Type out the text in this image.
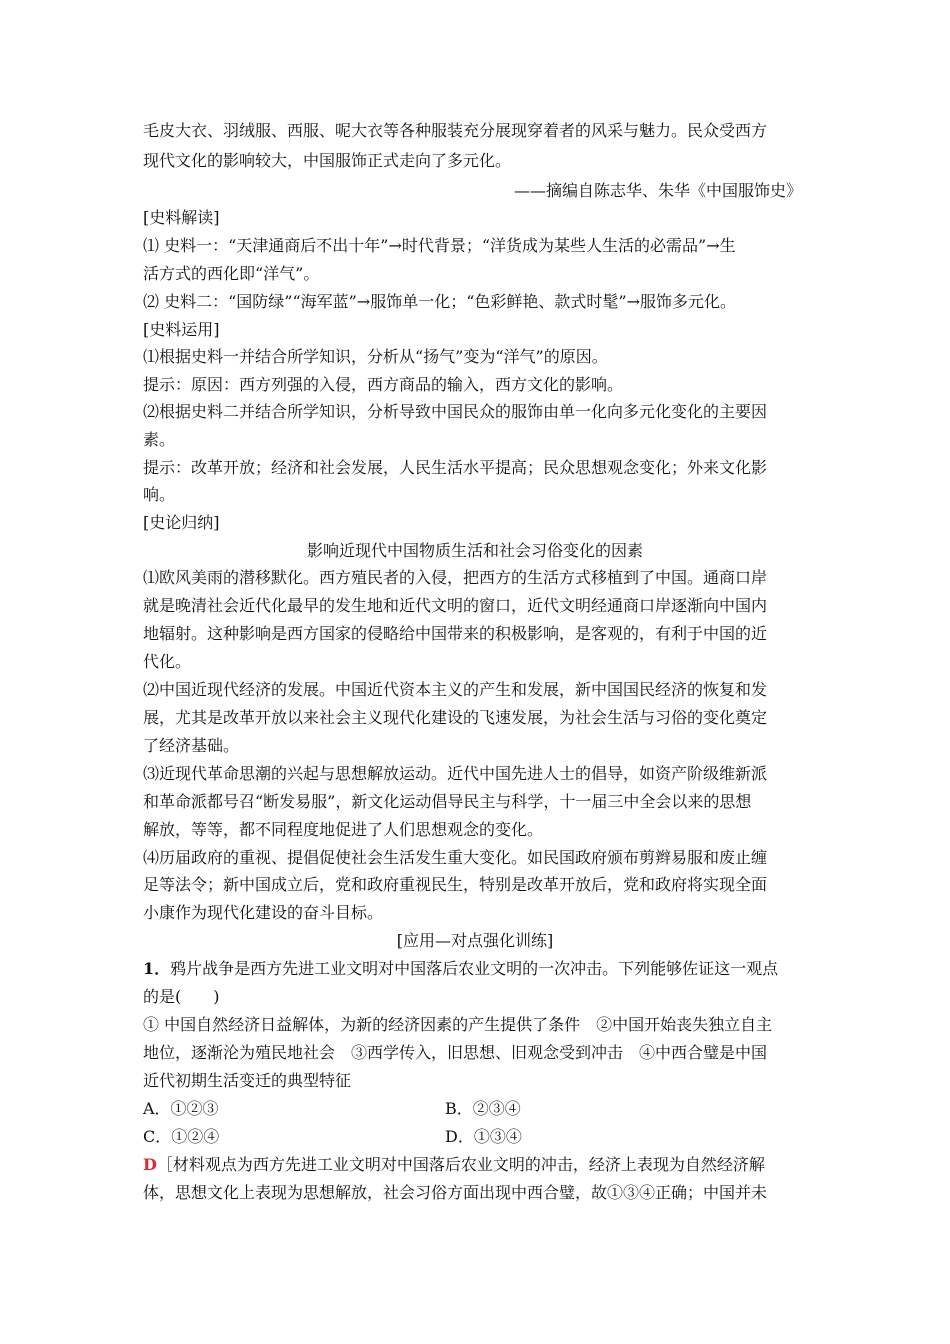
毛皮大衣、羽绒服、西服、呢大衣等各种服装充分展现穿着者的风采与魅力。民众受西方
现代文化的影响较大，中国服饰正式走向了多元化。
——摘编自陈志华、朱华《中国服饰史》
[史料解读]
⑴ 史料一：“天津通商后不出十年”→时代背景；“洋货成为某些人生活的必需品”→生
活方式的西化即“洋气”。
⑵ 史料二：“国防绿”“海军蓝”→服饰单一化；“色彩鲜艳、款式时髦”→服饰多元化。
[史料运用]
⑴根据史料一并结合所学知识，分析从“扬气”变为“洋气”的原因。
提示：原因：西方列强的入侵，西方商品的输入，西方文化的影响。
⑵根据史料二并结合所学知识，分析导致中国民众的服饰由单一化向多元化变化的主要因
素。
提示：改革开放；经济和社会发展，人民生活水平提高；民众思想观念变化；外来文化影
响。
[史论归纳]
影响近现代中国物质生活和社会习俗变化的因素
⑴欧风美雨的潜移默化。西方殖民者的入侵，把西方的生活方式移植到了中国。通商口岸
就是晚清社会近代化最早的发生地和近代文明的窗口，近代文明经通商口岸逐渐向中国内
地辐射。这种影响是西方国家的侵略给中国带来的积极影响，是客观的，有利于中国的近
代化。
⑵中国近现代经济的发展。中国近代资本主义的产生和发展，新中国国民经济的恢复和发
展，尤其是改革开放以来社会主义现代化建设的飞速发展，为社会生活与习俗的变化奠定
了经济基础。
⑶近现代革命思潮的兴起与思想解放运动。近代中国先进人士的倡导，如资产阶级维新派
和革命派都号召“断发易服”，新文化运动倡导民主与科学，十一届三中全会以来的思想
解放，等等，都不同程度地促进了人们思想观念的变化。
⑷历届政府的重视、提倡促使社会生活发生重大变化。如民国政府颁布剪辫易服和废止缠
足等法令；新中国成立后，党和政府重视民生，特别是改革开放后，党和政府将实现全面
小康作为现代化建设的奋斗目标。
[应用—对点强化训练]
1．鸦片战争是西方先进工业文明对中国落后农业文明的一次冲击。下列能够佐证这一观点
的是(　　)
① 中国自然经济日益解体，为新的经济因素的产生提供了条件　②中国开始丧失独立自主
地位，逐渐沦为殖民地社会　③西学传入，旧思想、旧观念受到冲击　④中西合璧是中国
近代初期生活变迁的典型特征
A．①②③	B．②③④
C．①②④	D．①③④
D［材料观点为西方先进工业文明对中国落后农业文明的冲击，经济上表现为自然经济解
体，思想文化上表现为思想解放，社会习俗方面出现中西合璧，故①③④正确；中国并未
